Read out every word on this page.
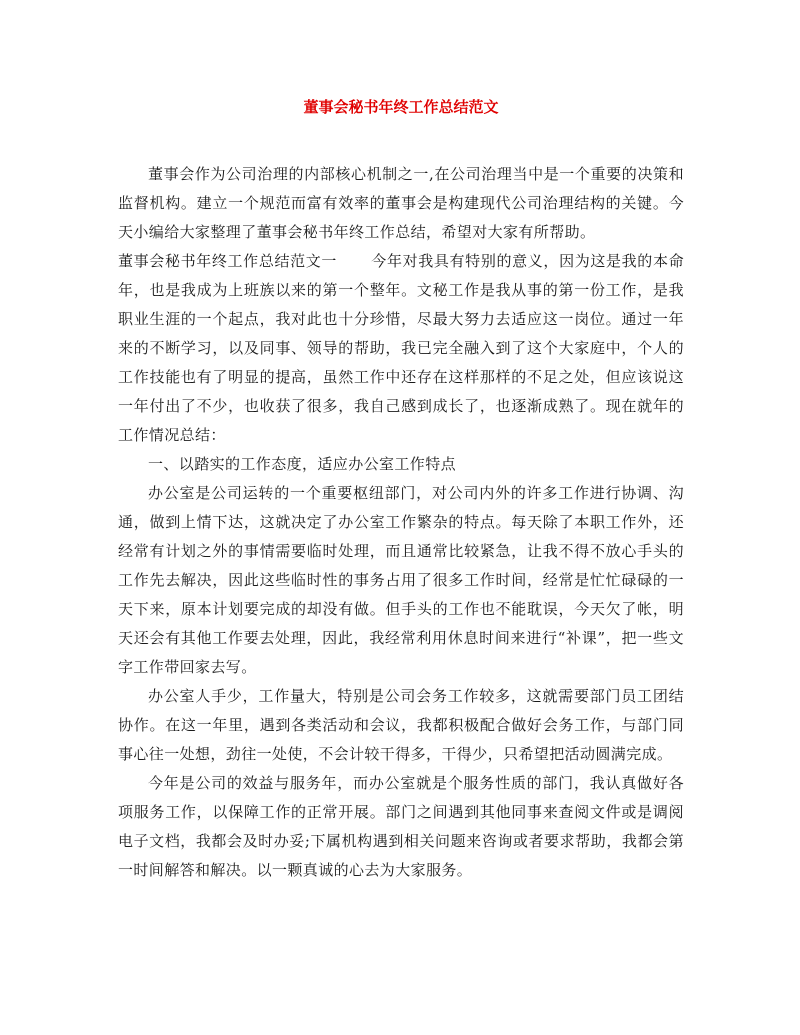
董事会秘书年终工作总结范文

董事会作为公司治理的内部核心机制之一,在公司治理当中是一个重要的决策和监督机构。建立一个规范而富有效率的董事会是构建现代公司治理结构的关键。今天小编给大家整理了董事会秘书年终工作总结，希望对大家有所帮助。

董事会秘书年终工作总结范文一 今年对我具有特别的意义，因为这是我的本命年，也是我成为上班族以来的第一个整年。文秘工作是我从事的第一份工作，是我职业生涯的一个起点，我对此也十分珍惜，尽最大努力去适应这一岗位。通过一年来的不断学习，以及同事、领导的帮助，我已完全融入到了这个大家庭中，个人的工作技能也有了明显的提高，虽然工作中还存在这样那样的不足之处，但应该说这一年付出了不少，也收获了很多，我自己感到成长了，也逐渐成熟了。现在就年的工作情况总结：

一、以踏实的工作态度，适应办公室工作特点

办公室是公司运转的一个重要枢纽部门，对公司内外的许多工作进行协调、沟通，做到上情下达，这就决定了办公室工作繁杂的特点。每天除了本职工作外，还经常有计划之外的事情需要临时处理，而且通常比较紧急，让我不得不放心手头的工作先去解决，因此这些临时性的事务占用了很多工作时间，经常是忙忙碌碌的一天下来，原本计划要完成的却没有做。但手头的工作也不能耽误，今天欠了帐，明天还会有其他工作要去处理，因此，我经常利用休息时间来进行“补课”，把一些文字工作带回家去写。

办公室人手少，工作量大，特别是公司会务工作较多，这就需要部门员工团结协作。在这一年里，遇到各类活动和会议，我都积极配合做好会务工作，与部门同事心往一处想，劲往一处使，不会计较干得多，干得少，只希望把活动圆满完成。

今年是公司的效益与服务年，而办公室就是个服务性质的部门，我认真做好各项服务工作，以保障工作的正常开展。部门之间遇到其他同事来查阅文件或是调阅电子文档，我都会及时办妥;下属机构遇到相关问题来咨询或者要求帮助，我都会第一时间解答和解决。以一颗真诚的心去为大家服务。
